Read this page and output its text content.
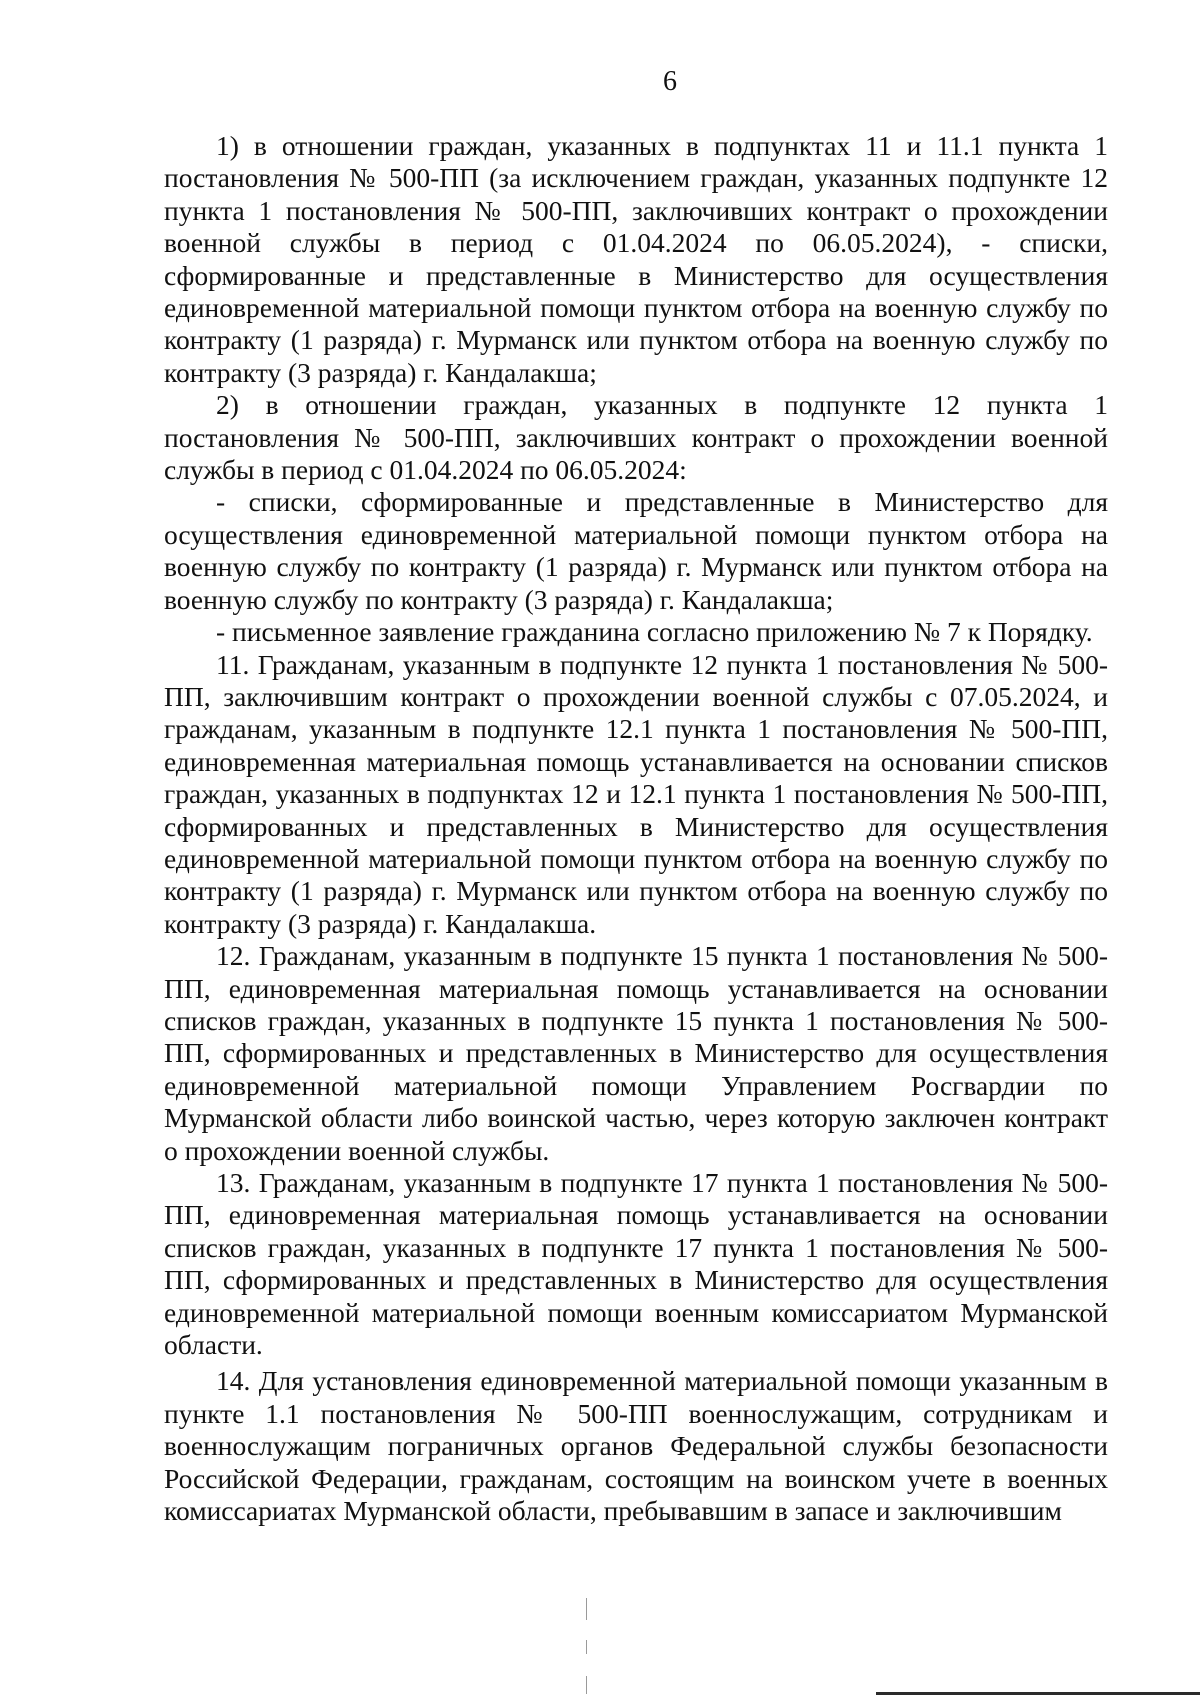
6

1) в отношении граждан, указанных в подпунктах 11 и 11.1 пункта 1 постановления № 500-ПП (за исключением граждан, указанных подпункте 12 пункта 1 постановления № 500-ПП, заключивших контракт о прохождении военной службы в период с 01.04.2024 по 06.05.2024), - списки, сформированные и представленные в Министерство для осуществления единовременной материальной помощи пунктом отбора на военную службу по контракту (1 разряда) г. Мурманск или пунктом отбора на военную службу по контракту (3 разряда) г. Кандалакша;

2) в отношении граждан, указанных в подпункте 12 пункта 1 постановления № 500-ПП, заключивших контракт о прохождении военной службы в период с 01.04.2024 по 06.05.2024:

- списки, сформированные и представленные в Министерство для осуществления единовременной материальной помощи пунктом отбора на военную службу по контракту (1 разряда) г. Мурманск или пунктом отбора на военную службу по контракту (3 разряда) г. Кандалакша;

- письменное заявление гражданина согласно приложению № 7 к Порядку.

11. Гражданам, указанным в подпункте 12 пункта 1 постановления № 500-ПП, заключившим контракт о прохождении военной службы с 07.05.2024, и гражданам, указанным в подпункте 12.1 пункта 1 постановления № 500-ПП, единовременная материальная помощь устанавливается на основании списков граждан, указанных в подпунктах 12 и 12.1 пункта 1 постановления № 500-ПП, сформированных и представленных в Министерство для осуществления единовременной материальной помощи пунктом отбора на военную службу по контракту (1 разряда) г. Мурманск или пунктом отбора на военную службу по контракту (3 разряда) г. Кандалакша.

12. Гражданам, указанным в подпункте 15 пункта 1 постановления № 500-ПП, единовременная материальная помощь устанавливается на основании списков граждан, указанных в подпункте 15 пункта 1 постановления № 500-ПП, сформированных и представленных в Министерство для осуществления единовременной материальной помощи Управлением Росгвардии по Мурманской области либо воинской частью, через которую заключен контракт о прохождении военной службы.

13. Гражданам, указанным в подпункте 17 пункта 1 постановления № 500-ПП, единовременная материальная помощь устанавливается на основании списков граждан, указанных в подпункте 17 пункта 1 постановления № 500-ПП, сформированных и представленных в Министерство для осуществления единовременной материальной помощи военным комиссариатом Мурманской области.

14. Для установления единовременной материальной помощи указанным в пункте 1.1 постановления № 500-ПП военнослужащим, сотрудникам и военнослужащим пограничных органов Федеральной службы безопасности Российской Федерации, гражданам, состоящим на воинском учете в военных комиссариатах Мурманской области, пребывавшим в запасе и заключившим
